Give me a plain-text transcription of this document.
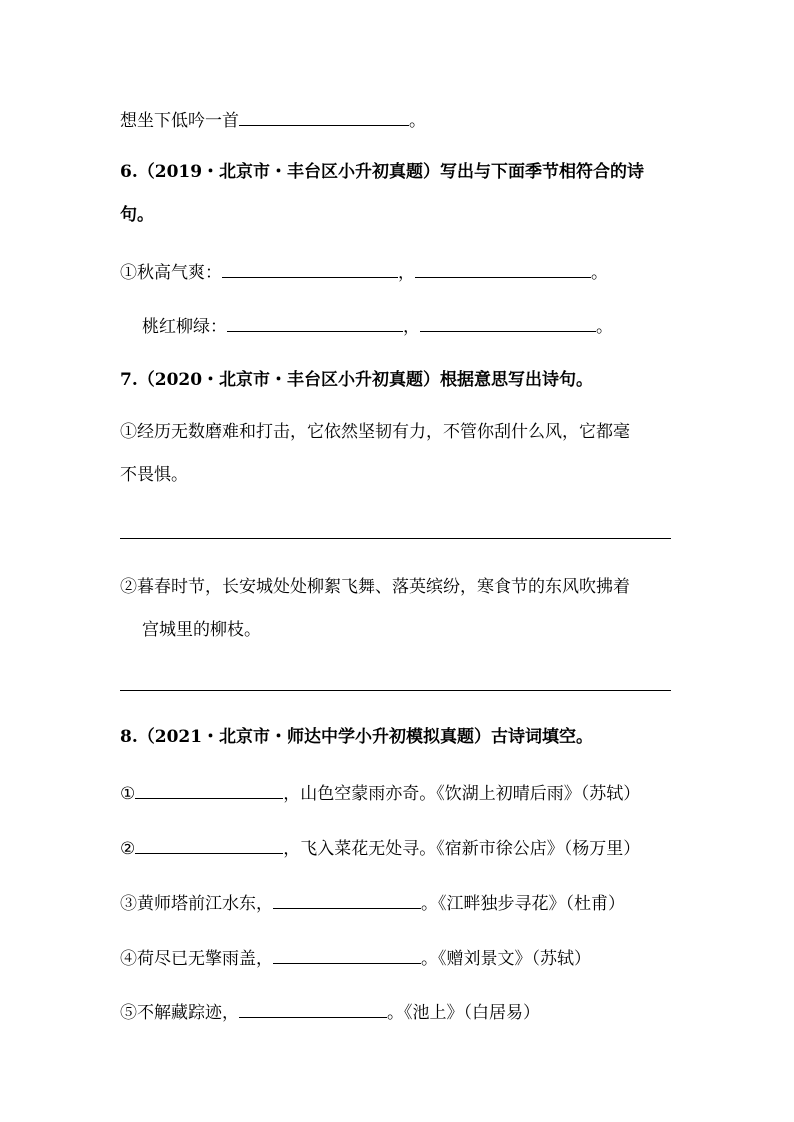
想坐下低吟一首	。
6.（2019・北京市・丰台区小升初真题）写出与下面季节相符合的诗
句。
①秋高气爽：	，	。
桃红柳绿：	，	。
7.（2020・北京市・丰台区小升初真题）根据意思写出诗句。
①经历无数磨难和打击，它依然坚韧有力，不管你刮什么风，它都毫
不畏惧。
②暮春时节，长安城处处柳絮飞舞、落英缤纷，寒食节的东风吹拂着
宫城里的柳枝。
8.（2021・北京市・师达中学小升初模拟真题）古诗词填空。
①	，山色空蒙雨亦奇。《饮湖上初晴后雨》（苏轼）
②	，飞入菜花无处寻。《宿新市徐公店》（杨万里）
③黄师塔前江水东，	。《江畔独步寻花》（杜甫）
④荷尽已无擎雨盖，	。《赠刘景文》（苏轼）
⑤不解藏踪迹，	。《池上》（白居易）
